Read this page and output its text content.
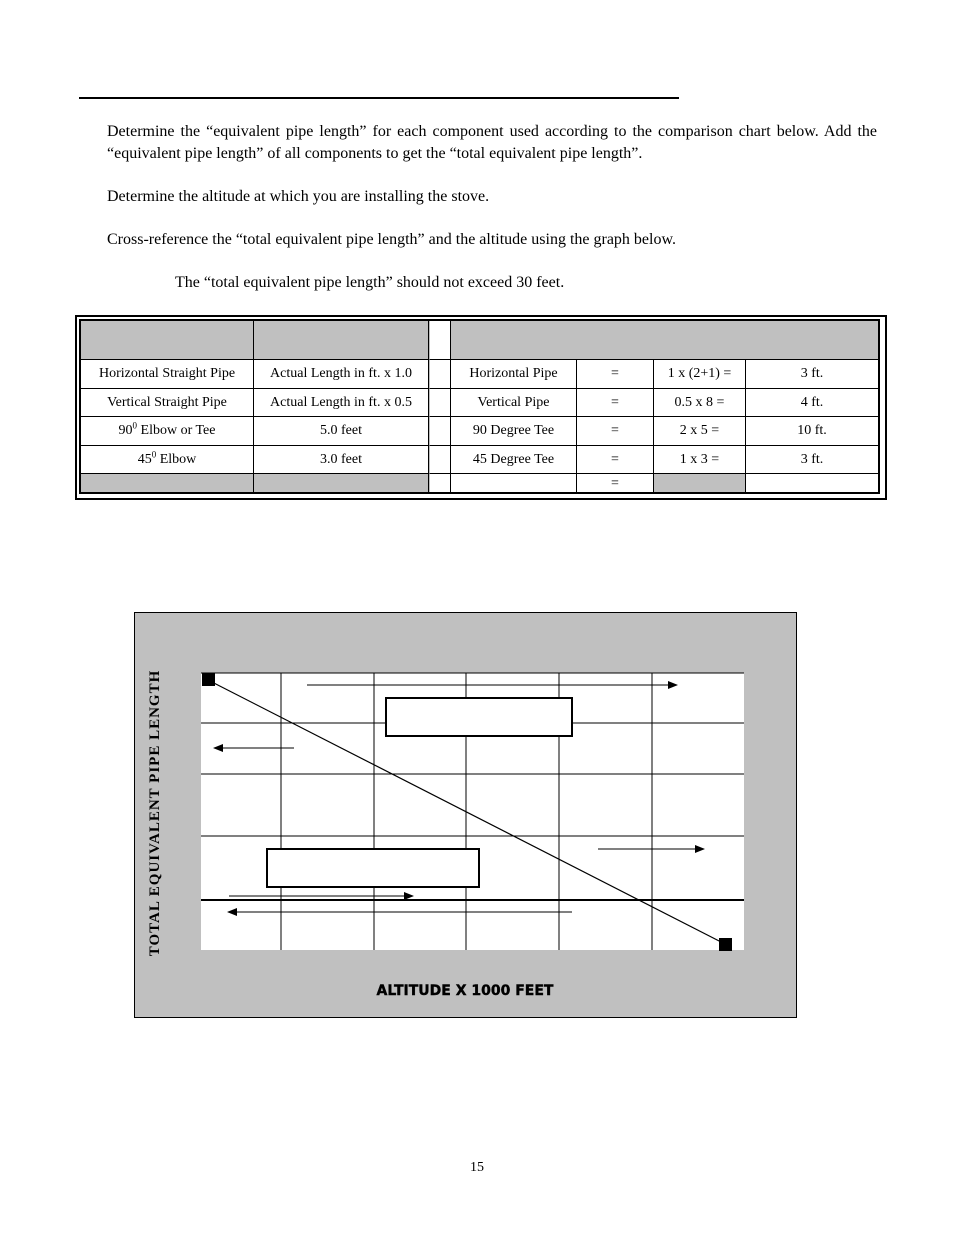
Determine the “equivalent pipe length” for each component used according to the comparison chart below. Add the “equivalent pipe length” of all components to get the “total equivalent pipe length”.

Determine the altitude at which you are installing the stove.

Cross-reference the “total equivalent pipe length” and the altitude using the graph below.

The “total equivalent pipe length” should not exceed 30 feet.

Horizontal Straight Pipe	Actual Length in ft. x 1.0	Horizontal Pipe	=	1 x (2+1) =	3 ft.
Vertical Straight Pipe	Actual Length in ft. x 0.5	Vertical Pipe	=	0.5 x 8 =	4 ft.
$90^0$ Elbow or Tee	5.0 feet	90 Degree Tee	=	2 x 5 =	10 ft.
$45^0$ Elbow	3.0 feet	45 Degree Tee	=	1 x 3 =	3 ft.
=
TOTAL EQUIVALENT PIPE LENGTH
ALTITUDE X 1000 FEET
15
